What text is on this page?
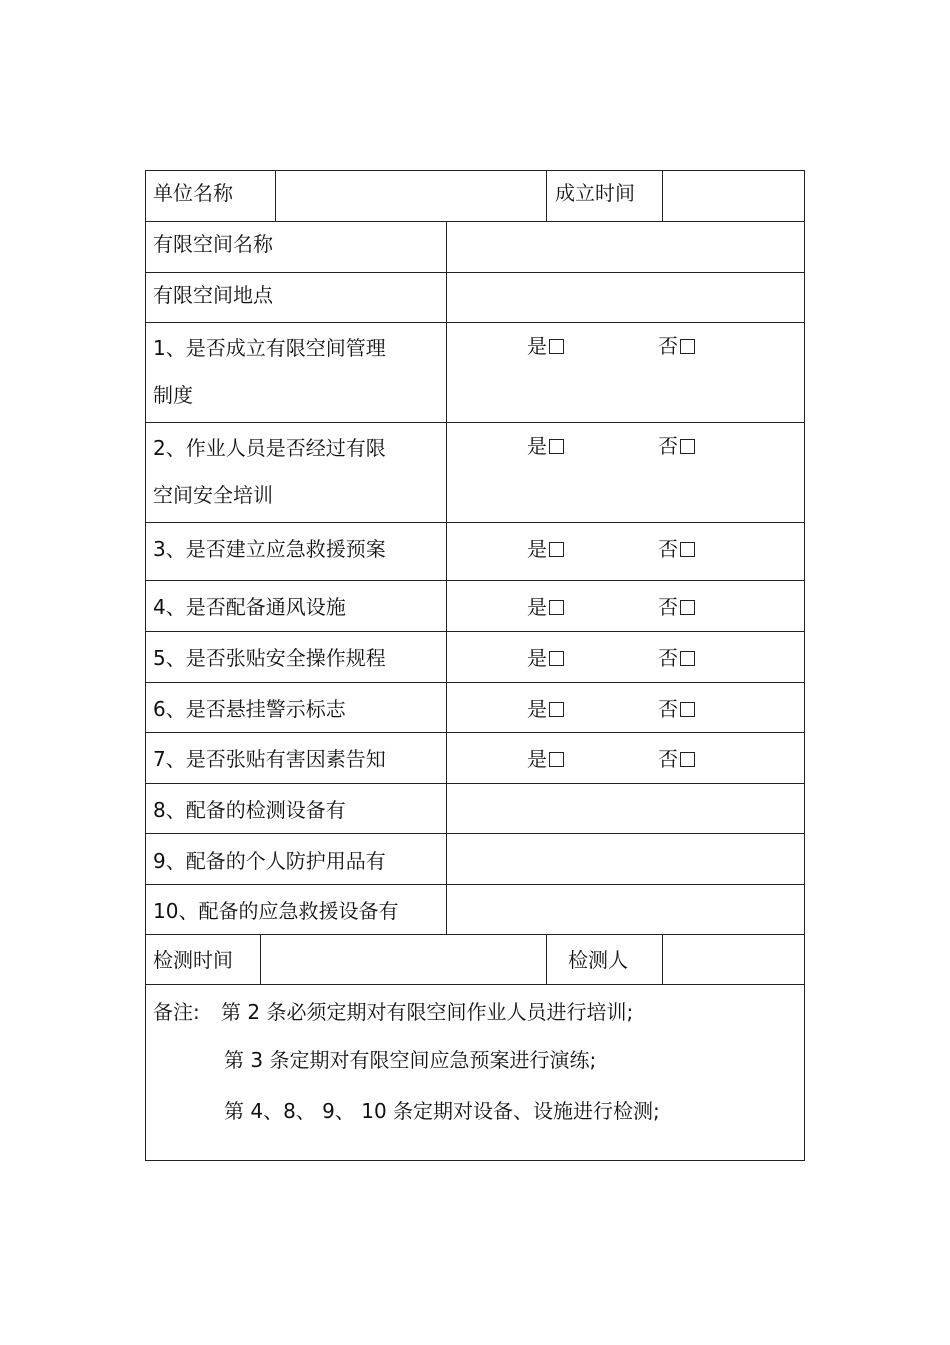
单位名称	成立时间
有限空间名称
有限空间地点
1、是否成立有限空间管理
制度
是	否
2、作业人员是否经过有限
空间安全培训
是	否
3、是否建立应急救援预案	是	否
4、是否配备通风设施	是	否
5、是否张贴安全操作规程	是	否
6、是否悬挂警示标志	是	否
7、是否张贴有害因素告知	是	否
8、配备的检测设备有
9、配备的个人防护用品有
10、配备的应急救援设备有
检测时间	检测人
备注: 第 2 条必须定期对有限空间作业人员进行培训;
第 3 条定期对有限空间应急预案进行演练;
第 4、8、 9、 10 条定期对设备、设施进行检测;
